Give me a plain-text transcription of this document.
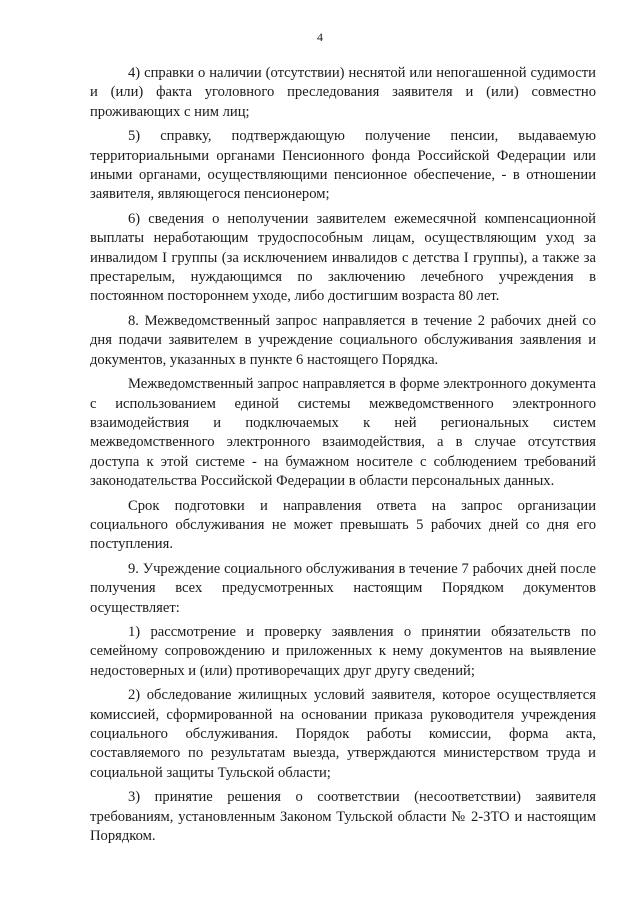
4

4) справки о наличии (отсутствии) неснятой или непогашенной судимости и (или) факта уголовного преследования заявителя и (или) совместно проживающих с ним лиц;

5) справку, подтверждающую получение пенсии, выдаваемую территориальными органами Пенсионного фонда Российской Федерации или иными органами, осуществляющими пенсионное обеспечение, - в отношении заявителя, являющегося пенсионером;

6) сведения о неполучении заявителем ежемесячной компенсационной выплаты неработающим трудоспособным лицам, осуществляющим уход за инвалидом I группы (за исключением инвалидов с детства I группы), а также за престарелым, нуждающимся по заключению лечебного учреждения в постоянном постороннем уходе, либо достигшим возраста 80 лет.

8. Межведомственный запрос направляется в течение 2 рабочих дней со дня подачи заявителем в учреждение социального обслуживания заявления и документов, указанных в пункте 6 настоящего Порядка.

Межведомственный запрос направляется в форме электронного документа с использованием единой системы межведомственного электронного взаимодействия и подключаемых к ней региональных систем межведомственного электронного взаимодействия, а в случае отсутствия доступа к этой системе - на бумажном носителе с соблюдением требований законодательства Российской Федерации в области персональных данных.

Срок подготовки и направления ответа на запрос организации социального обслуживания не может превышать 5 рабочих дней со дня его поступления.

9. Учреждение социального обслуживания в течение 7 рабочих дней после получения всех предусмотренных настоящим Порядком документов осуществляет:

1) рассмотрение и проверку заявления о принятии обязательств по семейному сопровождению и приложенных к нему документов на выявление недостоверных и (или) противоречащих друг другу сведений;

2) обследование жилищных условий заявителя, которое осуществляется комиссией, сформированной на основании приказа руководителя учреждения социального обслуживания. Порядок работы комиссии, форма акта, составляемого по результатам выезда, утверждаются министерством труда и социальной защиты Тульской области;

3) принятие решения о соответствии (несоответствии) заявителя требованиям, установленным Законом Тульской области № 2-ЗТО и настоящим Порядком.
